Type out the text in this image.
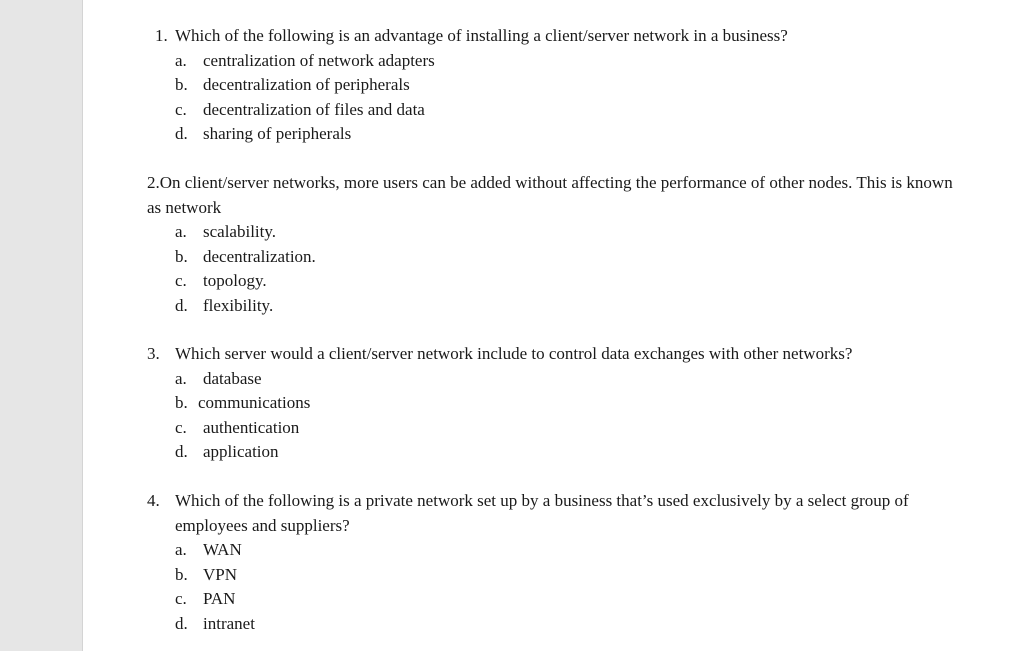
1. Which of the following is an advantage of installing a client/server network in a business?
a. centralization of network adapters
b. decentralization of peripherals
c. decentralization of files and data
d. sharing of peripherals
2.On client/server networks, more users can be added without affecting the performance of other nodes. This is known as network
a. scalability.
b. decentralization.
c. topology.
d. flexibility.
3. Which server would a client/server network include to control data exchanges with other networks?
a. database
b. communications
c. authentication
d. application
4. Which of the following is a private network set up by a business that’s used exclusively by a select group of employees and suppliers?
a. WAN
b. VPN
c. PAN
d. intranet
